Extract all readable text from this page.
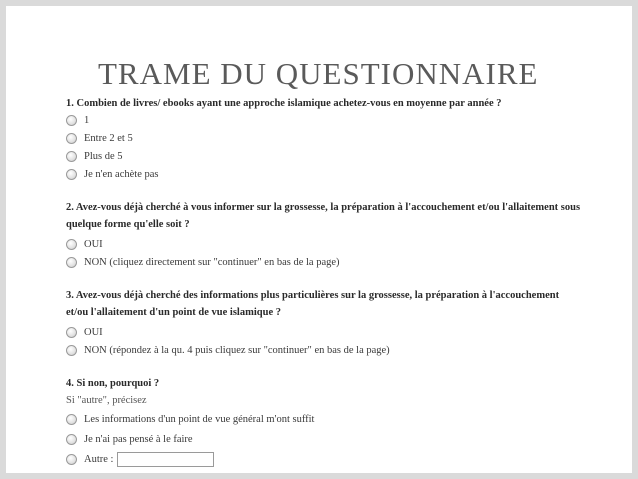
TRAME DU QUESTIONNAIRE
1. Combien de livres/ ebooks ayant une approche islamique achetez-vous en moyenne par année ?
1
Entre 2 et 5
Plus de 5
Je n'en achète pas
2. Avez-vous déjà cherché à vous informer sur la grossesse, la préparation à l'accouchement et/ou l'allaitement sous
quelque forme qu'elle soit ?
OUI
NON (cliquez directement sur "continuer" en bas de la page)
3. Avez-vous déjà cherché des informations plus particulières sur la grossesse, la préparation à l'accouchement
et/ou l'allaitement d'un point de vue islamique ?
OUI
NON (répondez à la qu. 4 puis cliquez sur "continuer" en bas de la page)
4. Si non, pourquoi ?
Si "autre", précisez
Les informations d'un point de vue général m'ont suffit
Je n'ai pas pensé à le faire
Autre :
